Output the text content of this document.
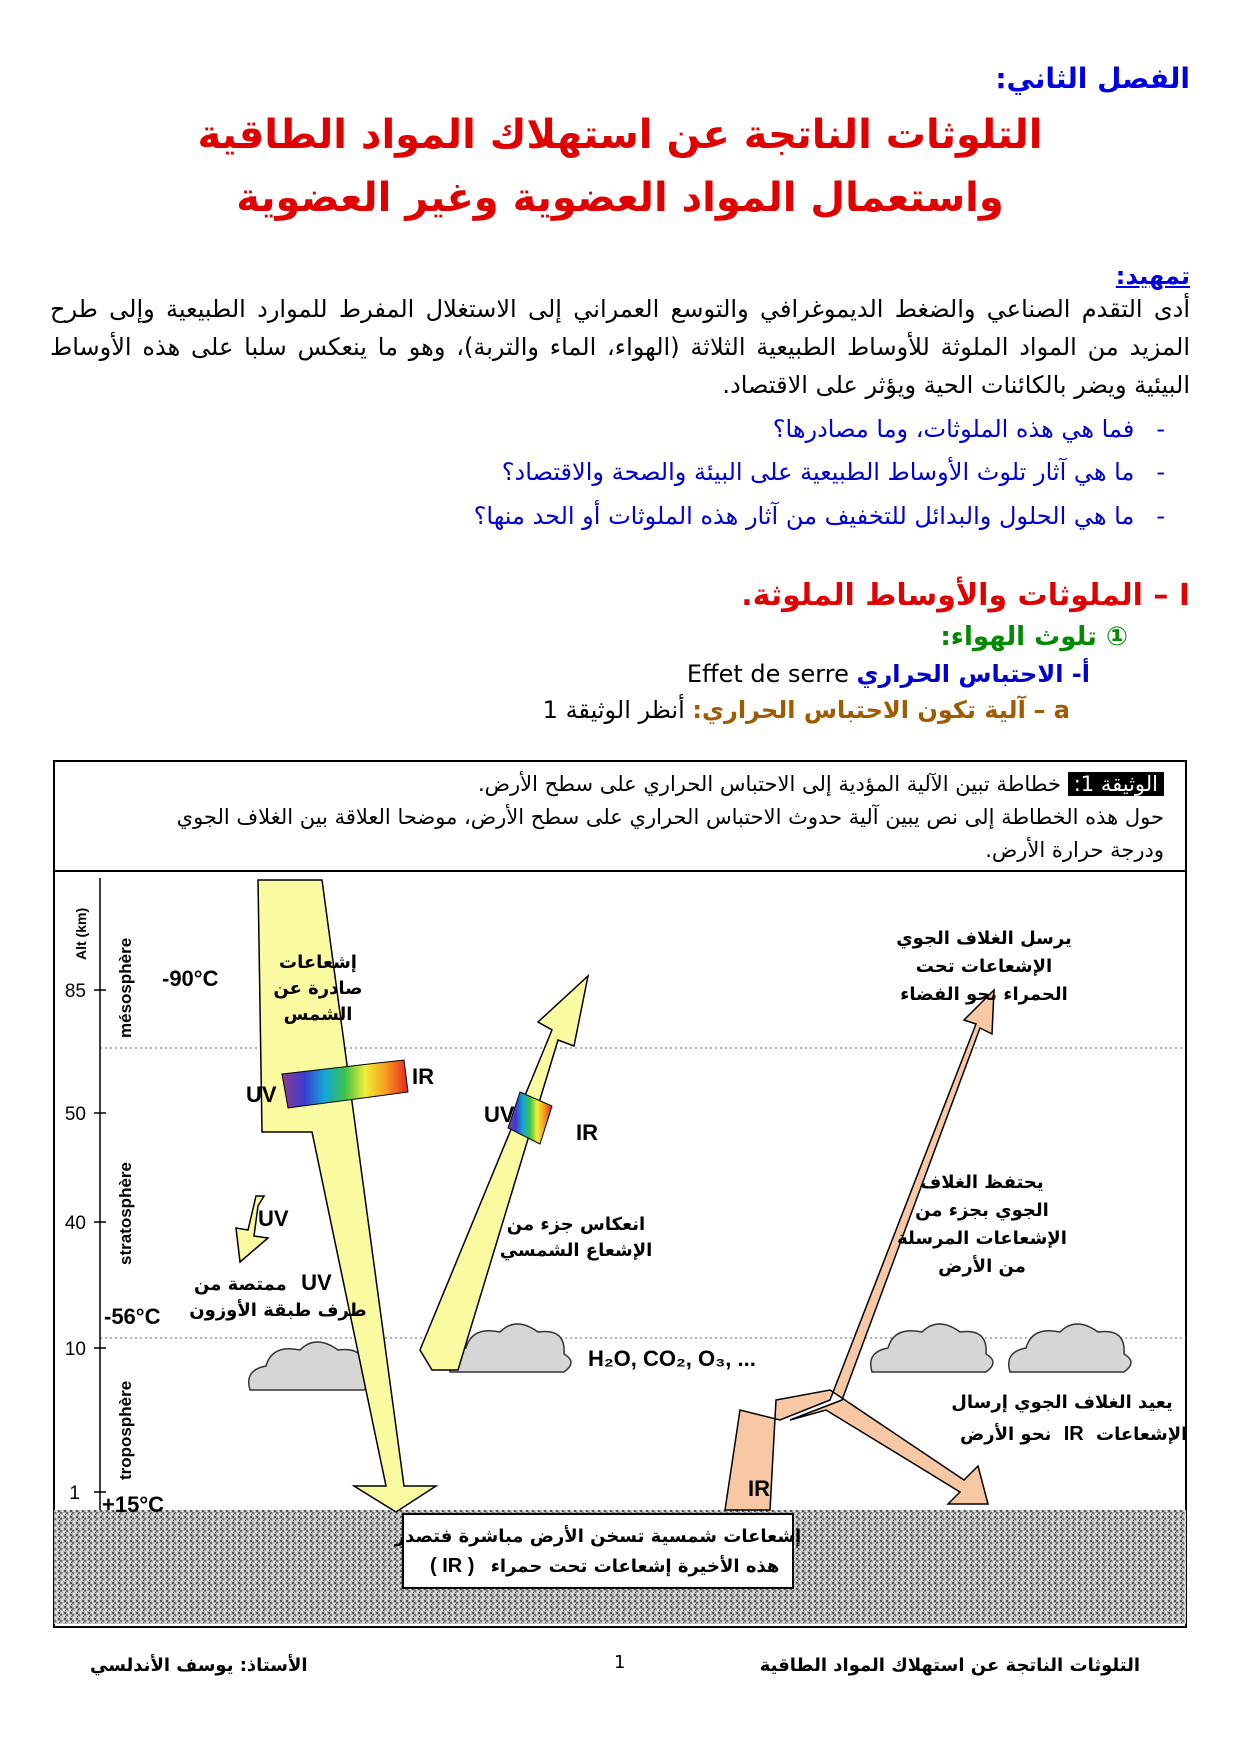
الفصل الثاني:
التلوثات الناتجة عن استهلاك المواد الطاقية
واستعمال المواد العضوية وغير العضوية
تمهيد:
أدى التقدم الصناعي والضغط الديموغرافي والتوسع العمراني إلى الاستغلال المفرط للموارد الطبيعية وإلى طرح المزيد من المواد الملوثة للأوساط الطبيعية الثلاثة (الهواء، الماء والتربة)، وهو ما ينعكس سلبا على هذه الأوساط البيئية ويضر بالكائنات الحية ويؤثر على الاقتصاد.
-فما هي هذه الملوثات، وما مصادرها؟
-ما هي آثار تلوث الأوساط الطبيعية على البيئة والصحة والاقتصاد؟
-ما هي الحلول والبدائل للتخفيف من آثار هذه الملوثات أو الحد منها؟
I – الملوثات والأوساط الملوثة.
① تلوث الهواء:
أ- الاحتباس الحراري Effet de serre
a – آلية تكون الاحتباس الحراري: أنظر الوثيقة 1
الوثيقة 1: خطاطة تبين الآلية المؤدية إلى الاحتباس الحراري على سطح الأرض.
حول هذه الخطاطة إلى نص يبين آلية حدوث الاحتباس الحراري على سطح الأرض، موضحا العلاقة بين الغلاف الجوي ودرجة حرارة الأرض.
Alt (km)
85
50
40
10
1
mésosphère
stratosphère
troposphère
-90°C
-56°C
+15°C
إشعاعات
صادرة عن
الشمس
طرف طبقة الأوزون
انعكاس جزء من
الإشعاع الشمسي
يرسل الغلاف الجوي
الإشعاعات تحت
الحمراء نحو الفضاء
يحتفظ الغلاف
الجوي بجزء من
الإشعاعات المرسلة
من الأرض
يعيد الغلاف الجوي إرسال
إشعاعات شمسية تسخن الأرض مباشرة فتصدر
ممتصة من UV
نحو الأرض IR الإشعاعات
( IR ) هذه الأخيرة إشعاعات تحت حمراء
UV
IR
UV
UV
IR
IR
H₂O, CO₂, O₃, ...
التلوثات الناتجة عن استهلاك المواد الطاقية
1
الأستاذ: يوسف الأندلسي
